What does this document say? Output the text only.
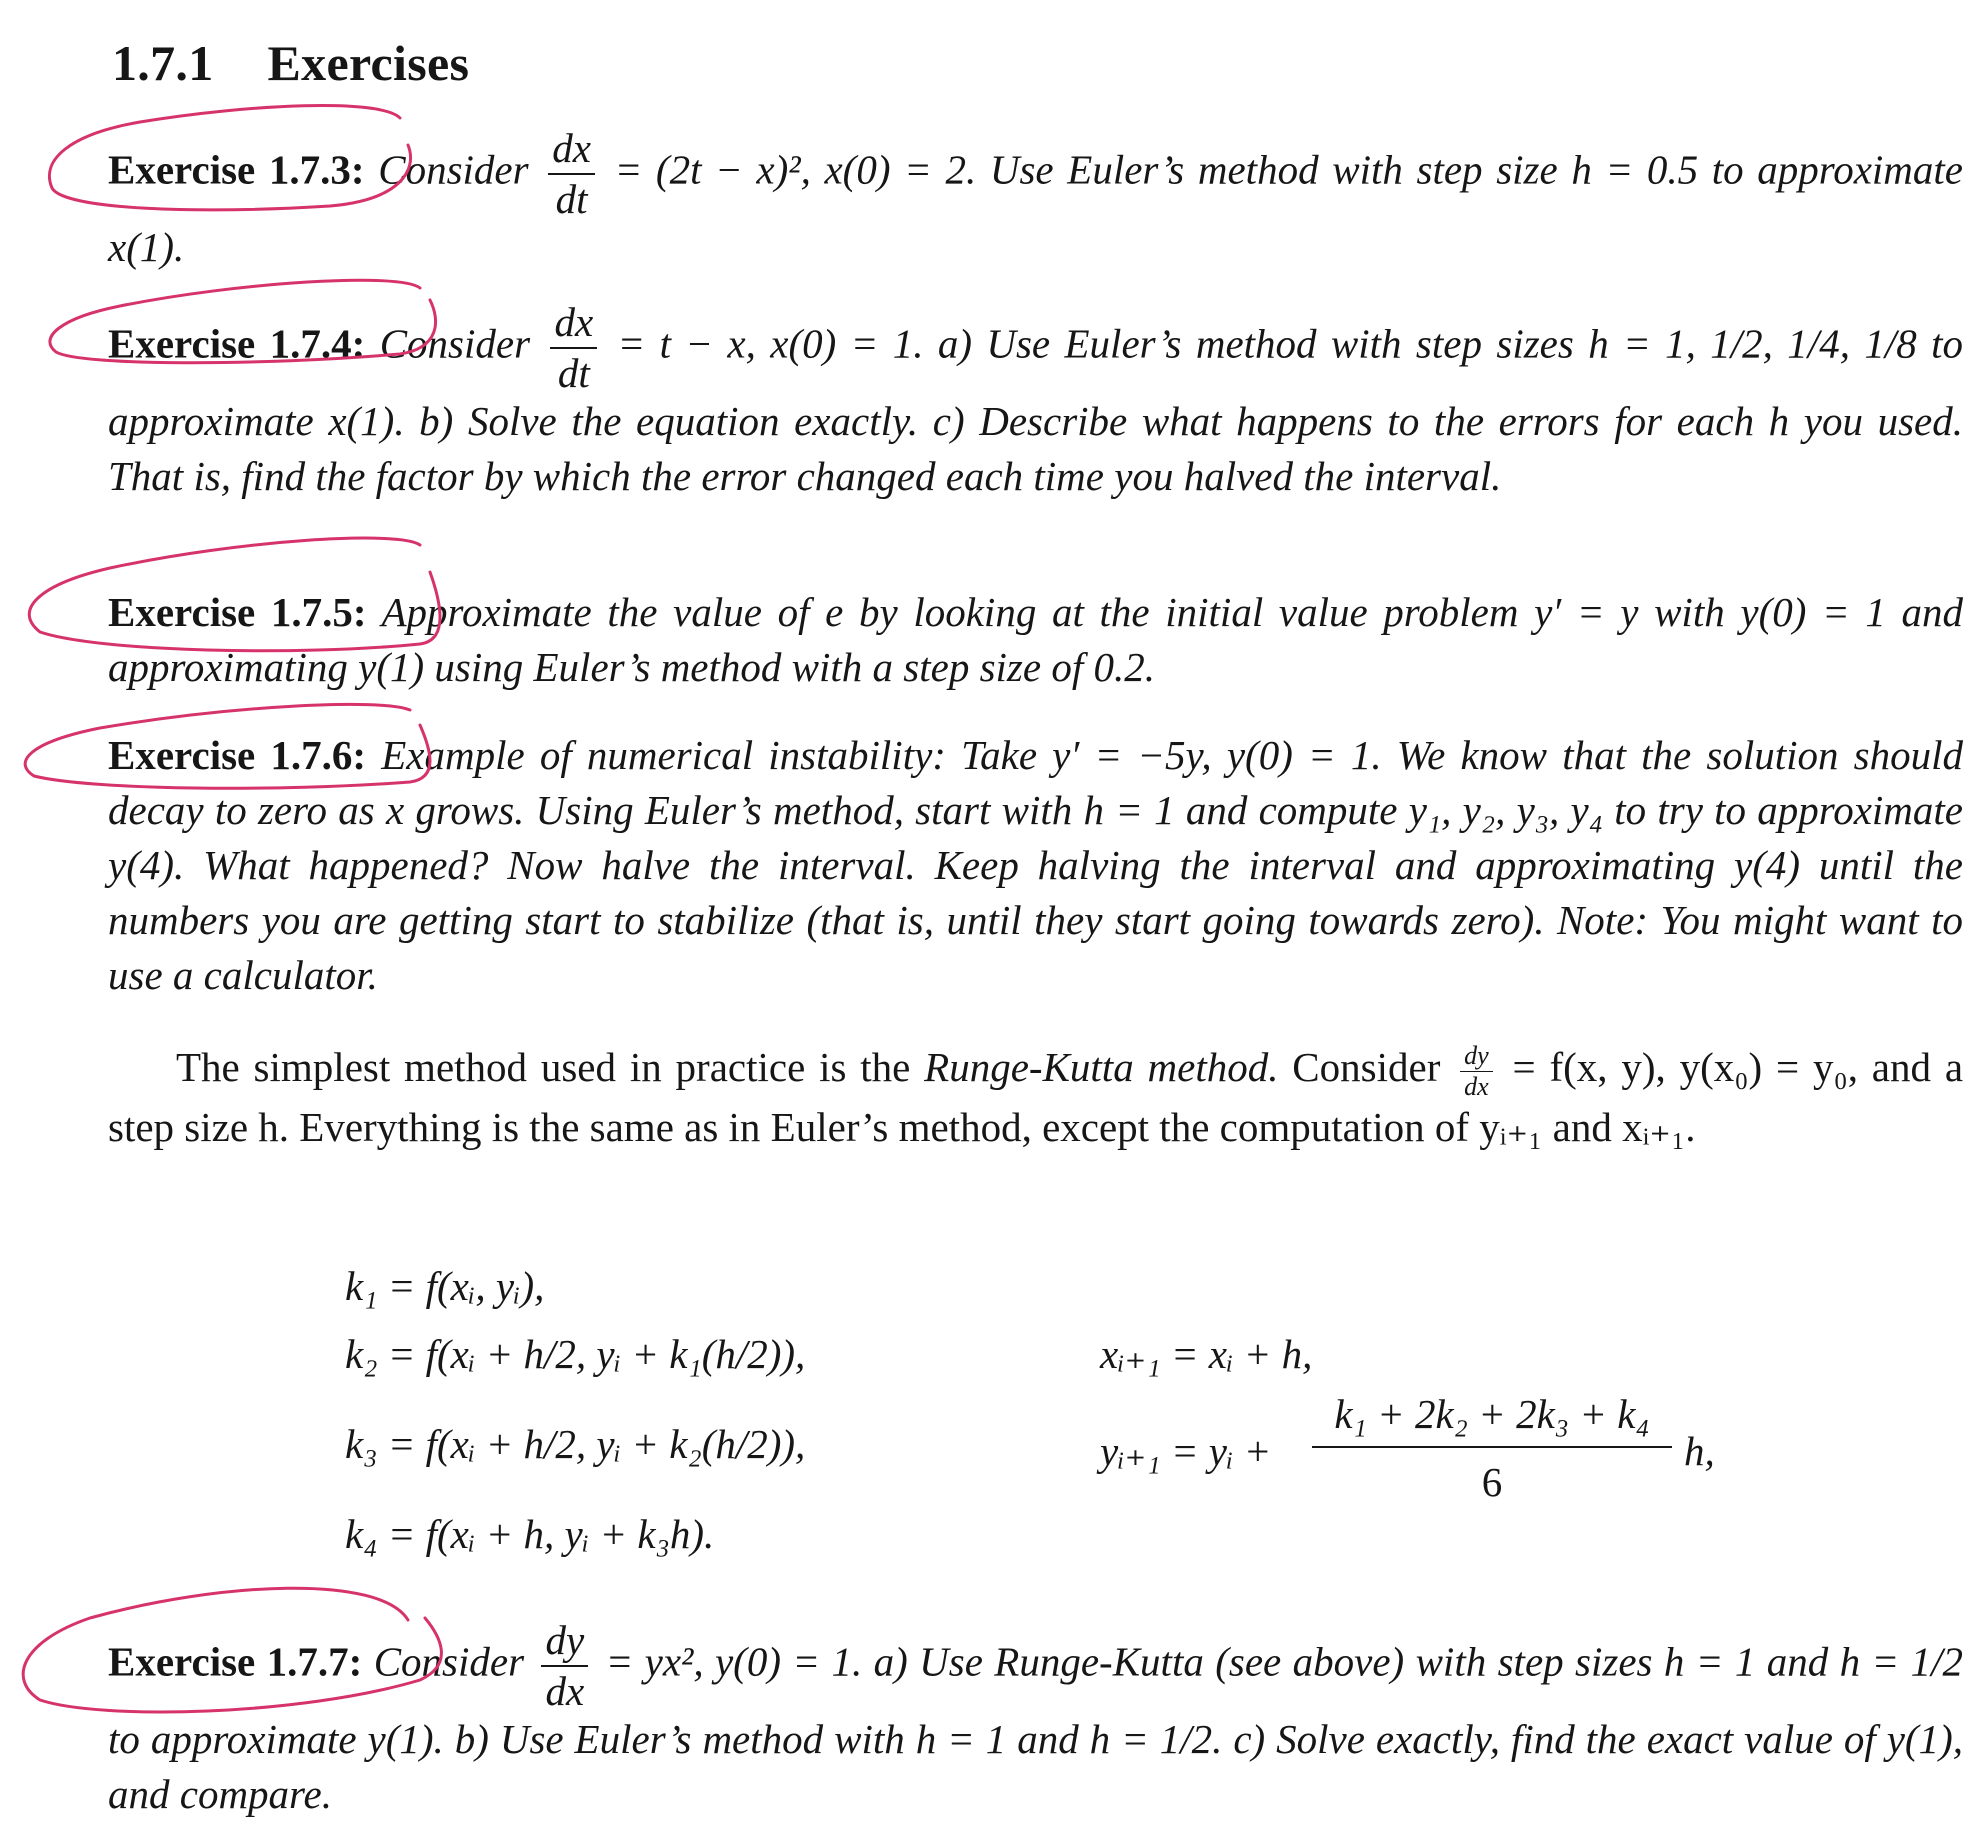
1.7.1 Exercises
Exercise 1.7.3: Consider $\frac{dx}{dt} = (2t - x)^2$, x(0) = 2. Use Euler’s method with step size h = 0.5 to approximate x(1).
Exercise 1.7.4: Consider $\frac{dx}{dt} = t - x$, x(0) = 1. a) Use Euler’s method with step sizes h = 1, 1/2, 1/4, 1/8 to approximate x(1). b) Solve the equation exactly. c) Describe what happens to the errors for each h you used. That is, find the factor by which the error changed each time you halved the interval.
Exercise 1.7.5: Approximate the value of e by looking at the initial value problem y′ = y with y(0) = 1 and approximating y(1) using Euler’s method with a step size of 0.2.
Exercise 1.7.6: Example of numerical instability: Take y′ = −5y, y(0) = 1. We know that the solution should decay to zero as x grows. Using Euler’s method, start with h = 1 and compute y₁, y₂, y₃, y₄ to try to approximate y(4). What happened? Now halve the interval. Keep halving the interval and approximating y(4) until the numbers you are getting start to stabilize (that is, until they start going towards zero). Note: You might want to use a calculator.
The simplest method used in practice is the Runge-Kutta method. Consider $\frac{dy}{dx} = f(x$, y), y(x₀) = y₀, and a step size h. Everything is the same as in Euler’s method, except the computation of yᵢ₊₁ and xᵢ₊₁.
k₁ = f(xᵢ, yᵢ),
k₂ = f(xᵢ + h/2, yᵢ + k₁(h/2)),
k₃ = f(xᵢ + h/2, yᵢ + k₂(h/2)),
k₄ = f(xᵢ + h, yᵢ + k₃h).
xᵢ₊₁ = xᵢ + h,
yᵢ₊₁ = yᵢ + $\frac{\text{k₁ + 2k₂ + 2k₃ + k₄}}{6} h$,
Exercise 1.7.7: Consider $\frac{dy}{dx} = yx^2$, y(0) = 1. a) Use Runge-Kutta (see above) with step sizes h = 1 and h = 1/2 to approximate y(1). b) Use Euler’s method with h = 1 and h = 1/2. c) Solve exactly, find the exact value of y(1), and compare.
